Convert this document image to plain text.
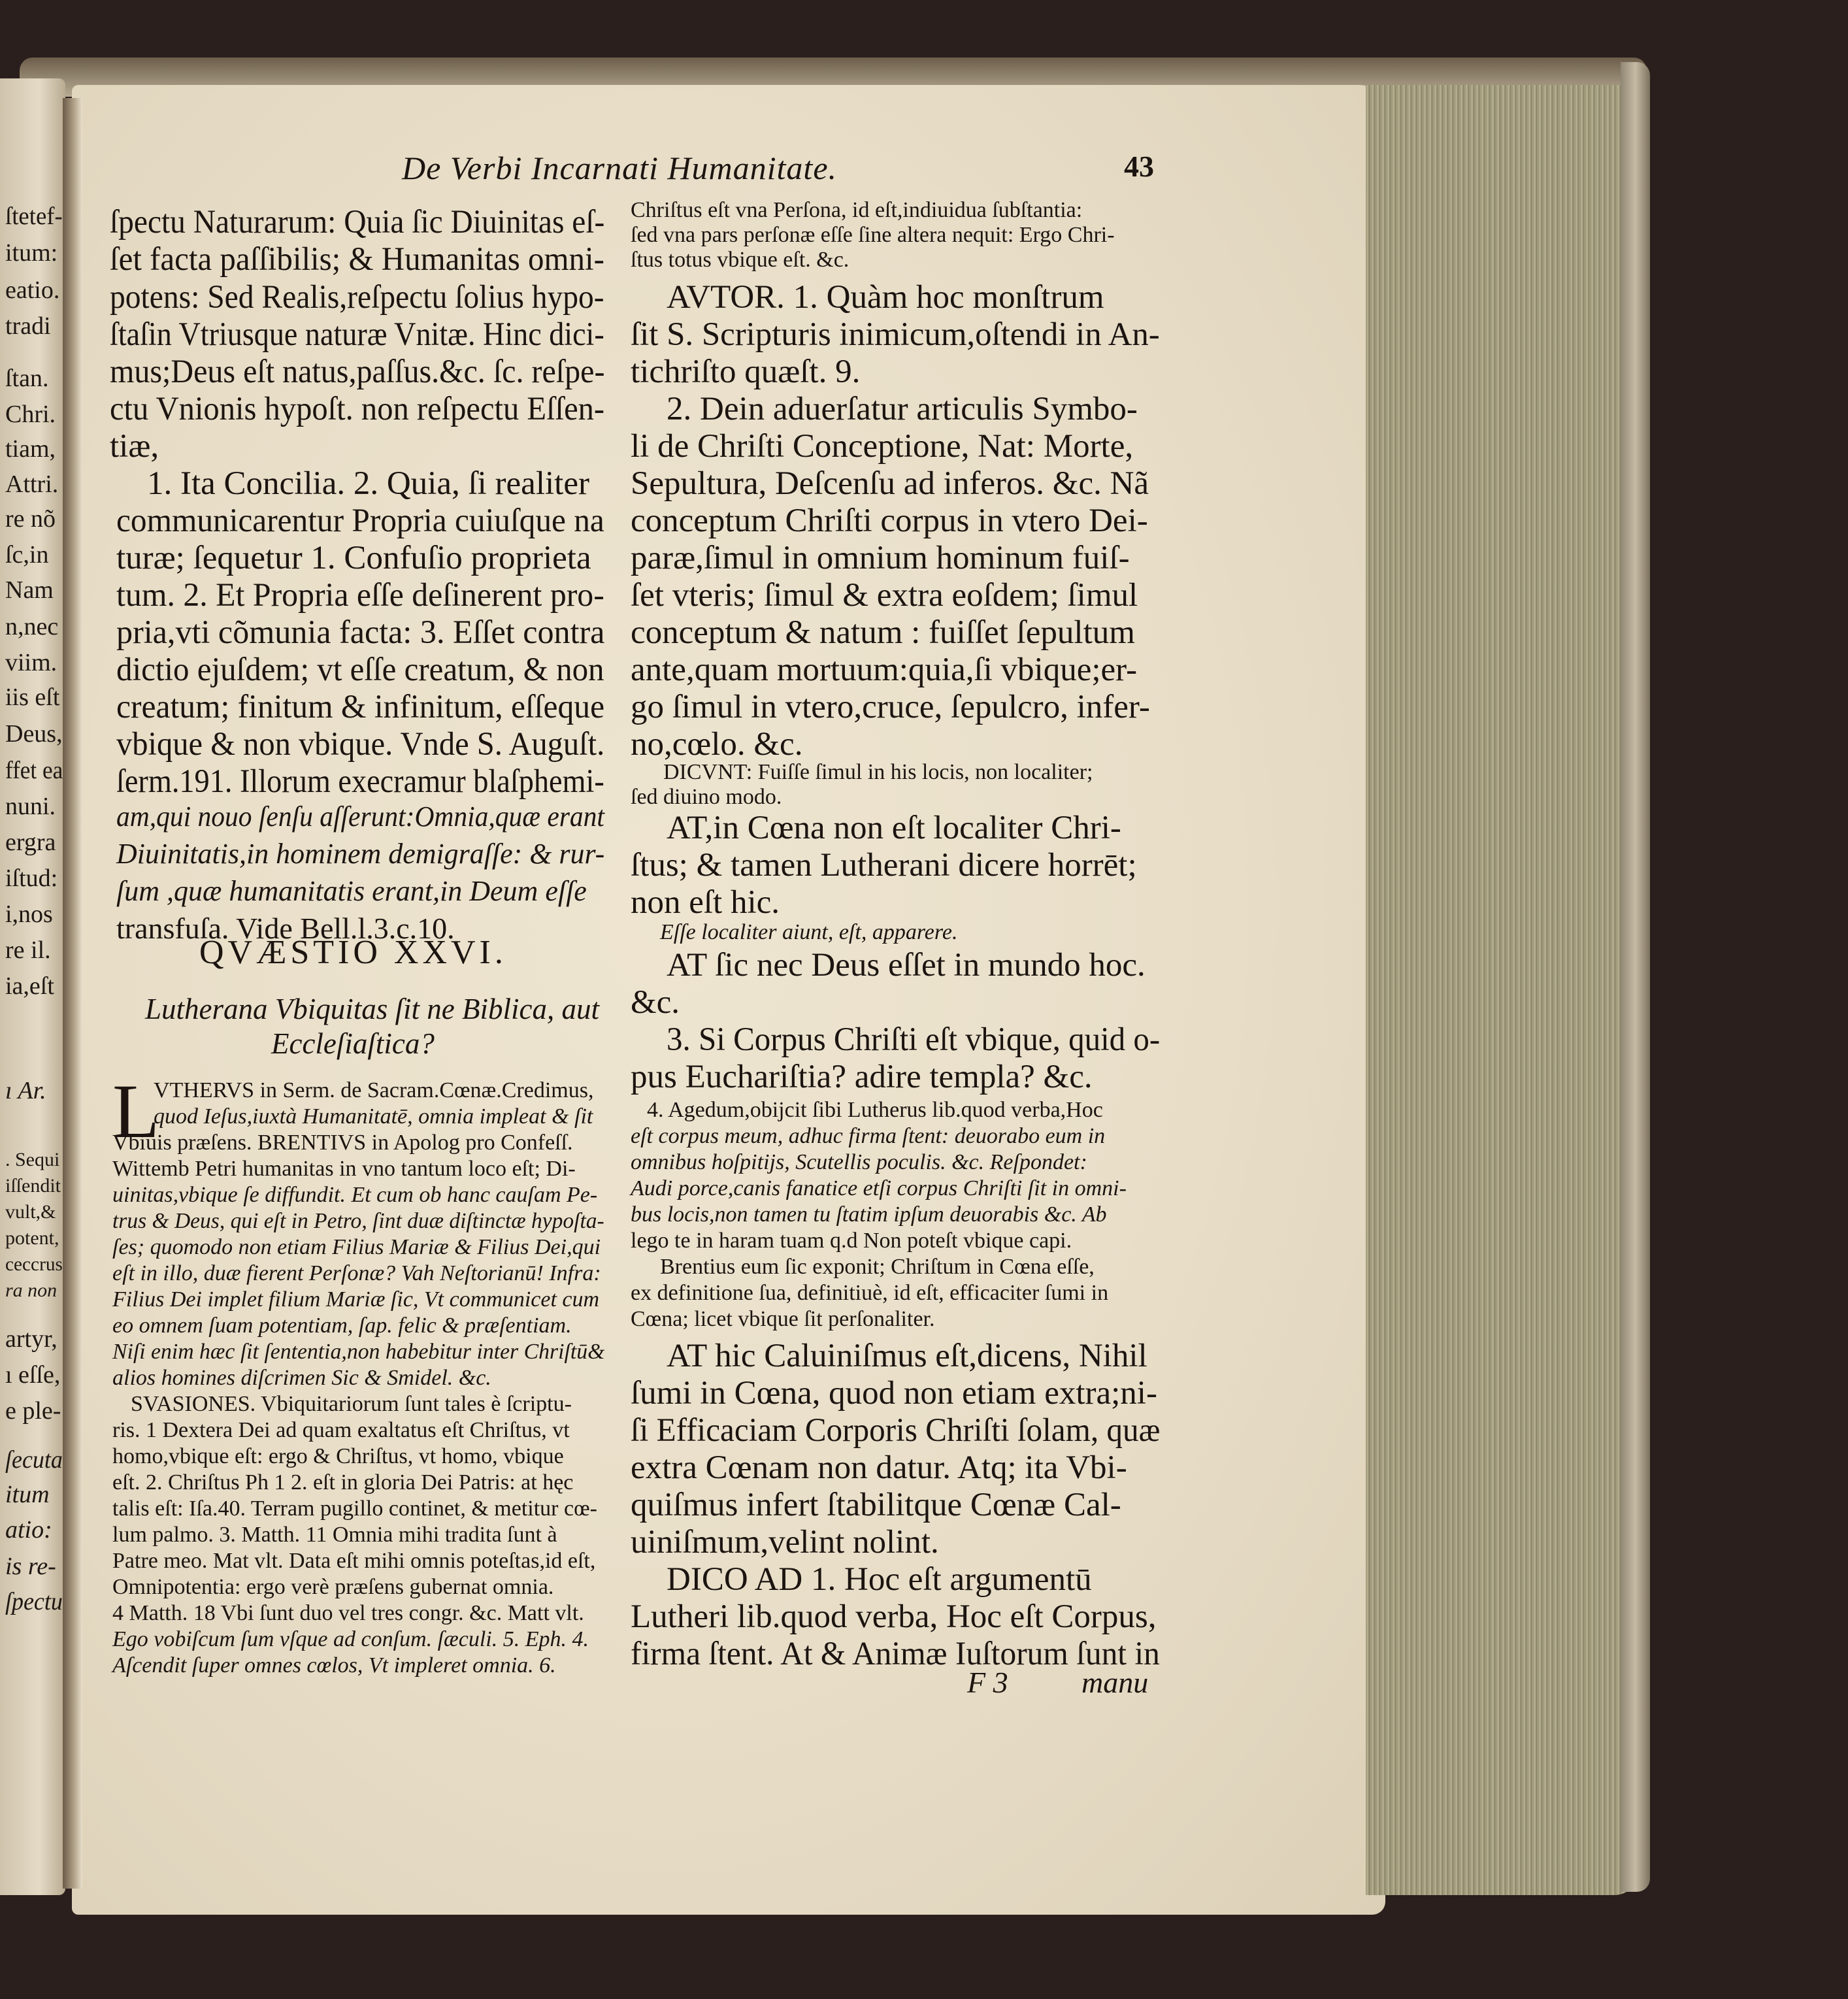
ſtetef-
itum:
eatio.
tradi
ſtan.
Chri.
tiam,
Attri.
re nõ
ſc,in
Nam
n,nec
viim.
iis eſt
Deus,
ffet ea
nuni.
ergra
iſtud:
i,nos
re il.
ia,eſt
ı Ar.
. Sequi
iſſendit
vult,&
potent,
ceccrus
ra non
artyr,
ı eſſe,
e ple-
ſecuta
itum
atio:
is re-
ſpectu
De Verbi Incarnati Humanitate.	43
ſpectu Naturarum: Quia ſic Diuinitas eſ-
ſet facta paſſibilis; & Humanitas omni-
potens: Sed Realis,reſpectu ſolius hypo-
ſtaſin Vtriusque naturæ Vnitæ. Hinc dici-
mus;Deus eſt natus,paſſus.&c. ſc. reſpe-
ctu Vnionis hypoſt. non reſpectu Eſſen-
tiæ,
1. Ita Concilia. 2. Quia, ſi realiter
communicarentur Propria cuiuſque na
turæ; ſequetur 1. Confuſio proprieta
tum. 2. Et Propria eſſe deſinerent pro-
pria,vti cõmunia facta: 3. Eſſet contra
dictio ejuſdem; vt eſſe creatum, & non
creatum; finitum & infinitum, eſſeque
vbique & non vbique. Vnde S. Auguſt.
ſerm.191. Illorum execramur blaſphemi-
am,qui nouo ſenſu aſſerunt:Omnia,quæ erant
Diuinitatis,in hominem demigraſſe: & rur-
ſum ,quæ humanitatis erant,in Deum eſſe
transfuſa. Vide Bell.l.3.c.10.
QVÆSTIO XXVI.
Lutherana Vbiquitas ſit ne Biblica, aut
Eccleſiaſtica?
L
VTHERVS in Serm. de Sacram.Cœnæ.Credimus,
quod Ieſus,iuxtà Humanitatē, omnia impleat & ſit
Vbiuis præſens. BRENTIVS in Apolog pro Confeſſ.
Wittemb Petri humanitas in vno tantum loco eſt; Di-
uinitas,vbique ſe diffundit. Et cum ob hanc cauſam Pe-
trus & Deus, qui eſt in Petro, ſint duæ diſtinctæ hypoſta-
ſes; quomodo non etiam Filius Mariæ & Filius Dei,qui
eſt in illo, duæ fierent Perſonæ? Vah Neſtorianū! Infra:
Filius Dei implet filium Mariæ ſic, Vt communicet cum
eo omnem ſuam potentiam, ſap. felic & præſentiam.
Niſi enim hæc ſit ſententia,non habebitur inter Chriſtū&
alios homines diſcrimen Sic & Smidel. &c.
SVASIONES. Vbiquitariorum ſunt tales è ſcriptu-
ris. 1 Dextera Dei ad quam exaltatus eſt Chriſtus, vt
homo,vbique eſt: ergo & Chriſtus, vt homo, vbique
eſt. 2. Chriſtus Ph 1 2. eſt in gloria Dei Patris: at hęc
talis eſt: Iſa.40. Terram pugillo continet, & metitur cœ-
lum palmo. 3. Matth. 11 Omnia mihi tradita ſunt à
Patre meo. Mat vlt. Data eſt mihi omnis poteſtas,id eſt,
Omnipotentia: ergo verè præſens gubernat omnia.
4 Matth. 18 Vbi ſunt duo vel tres congr. &c. Matt vlt.
Ego vobiſcum ſum vſque ad conſum. ſæculi. 5. Eph. 4.
Aſcendit ſuper omnes cœlos, Vt impleret omnia. 6.
Chriſtus eſt vna Perſona, id eſt,indiuidua ſubſtantia:
ſed vna pars perſonæ eſſe ſine altera nequit: Ergo Chri-
ſtus totus vbique eſt. &c.
AVTOR. 1. Quàm hoc monſtrum
ſit S. Scripturis inimicum,oſtendi in An-
tichriſto quæſt. 9.
2. Dein aduerſatur articulis Symbo-
li de Chriſti Conceptione, Nat: Morte,
Sepultura, Deſcenſu ad inferos. &c. Nã
conceptum Chriſti corpus in vtero Dei-
paræ,ſimul in omnium hominum fuiſ-
ſet vteris; ſimul & extra eoſdem; ſimul
conceptum & natum : fuiſſet ſepultum
ante,quam mortuum:quia,ſi vbique;er-
go ſimul in vtero,cruce, ſepulcro, infer-
no,cœlo. &c.
DICVNT: Fuiſſe ſimul in his locis, non localiter;
ſed diuino modo.
AT,in Cœna non eſt localiter Chri-
ſtus; & tamen Lutherani dicere horrēt;
non eſt hic.
Eſſe localiter aiunt, eſt, apparere.
AT ſic nec Deus eſſet in mundo hoc.
&c.
3. Si Corpus Chriſti eſt vbique, quid o-
pus Euchariſtia? adire templa? &c.
4. Agedum,obijcit ſibi Lutherus lib.quod verba,Hoc
eſt corpus meum, adhuc firma ſtent: deuorabo eum in
omnibus hoſpitijs, Scutellis poculis. &c. Reſpondet:
Audi porce,canis fanatice etſi corpus Chriſti ſit in omni-
bus locis,non tamen tu ſtatim ipſum deuorabis &c. Ab
lego te in haram tuam q.d Non poteſt vbique capi.
Brentius eum ſic exponit; Chriſtum in Cœna eſſe,
ex definitione ſua, definitiuè, id eſt, efficaciter ſumi in
Cœna; licet vbique ſit perſonaliter.
AT hic Caluiniſmus eſt,dicens, Nihil
ſumi in Cœna, quod non etiam extra;ni-
ſi Efficaciam Corporis Chriſti ſolam, quæ
extra Cœnam non datur. Atq; ita Vbi-
quiſmus infert ſtabilitque Cœnæ Cal-
uiniſmum,velint nolint.
DICO AD 1. Hoc eſt argumentū
Lutheri lib.quod verba, Hoc eſt Corpus,
firma ſtent. At & Animæ Iuſtorum ſunt in
F 3 manu
